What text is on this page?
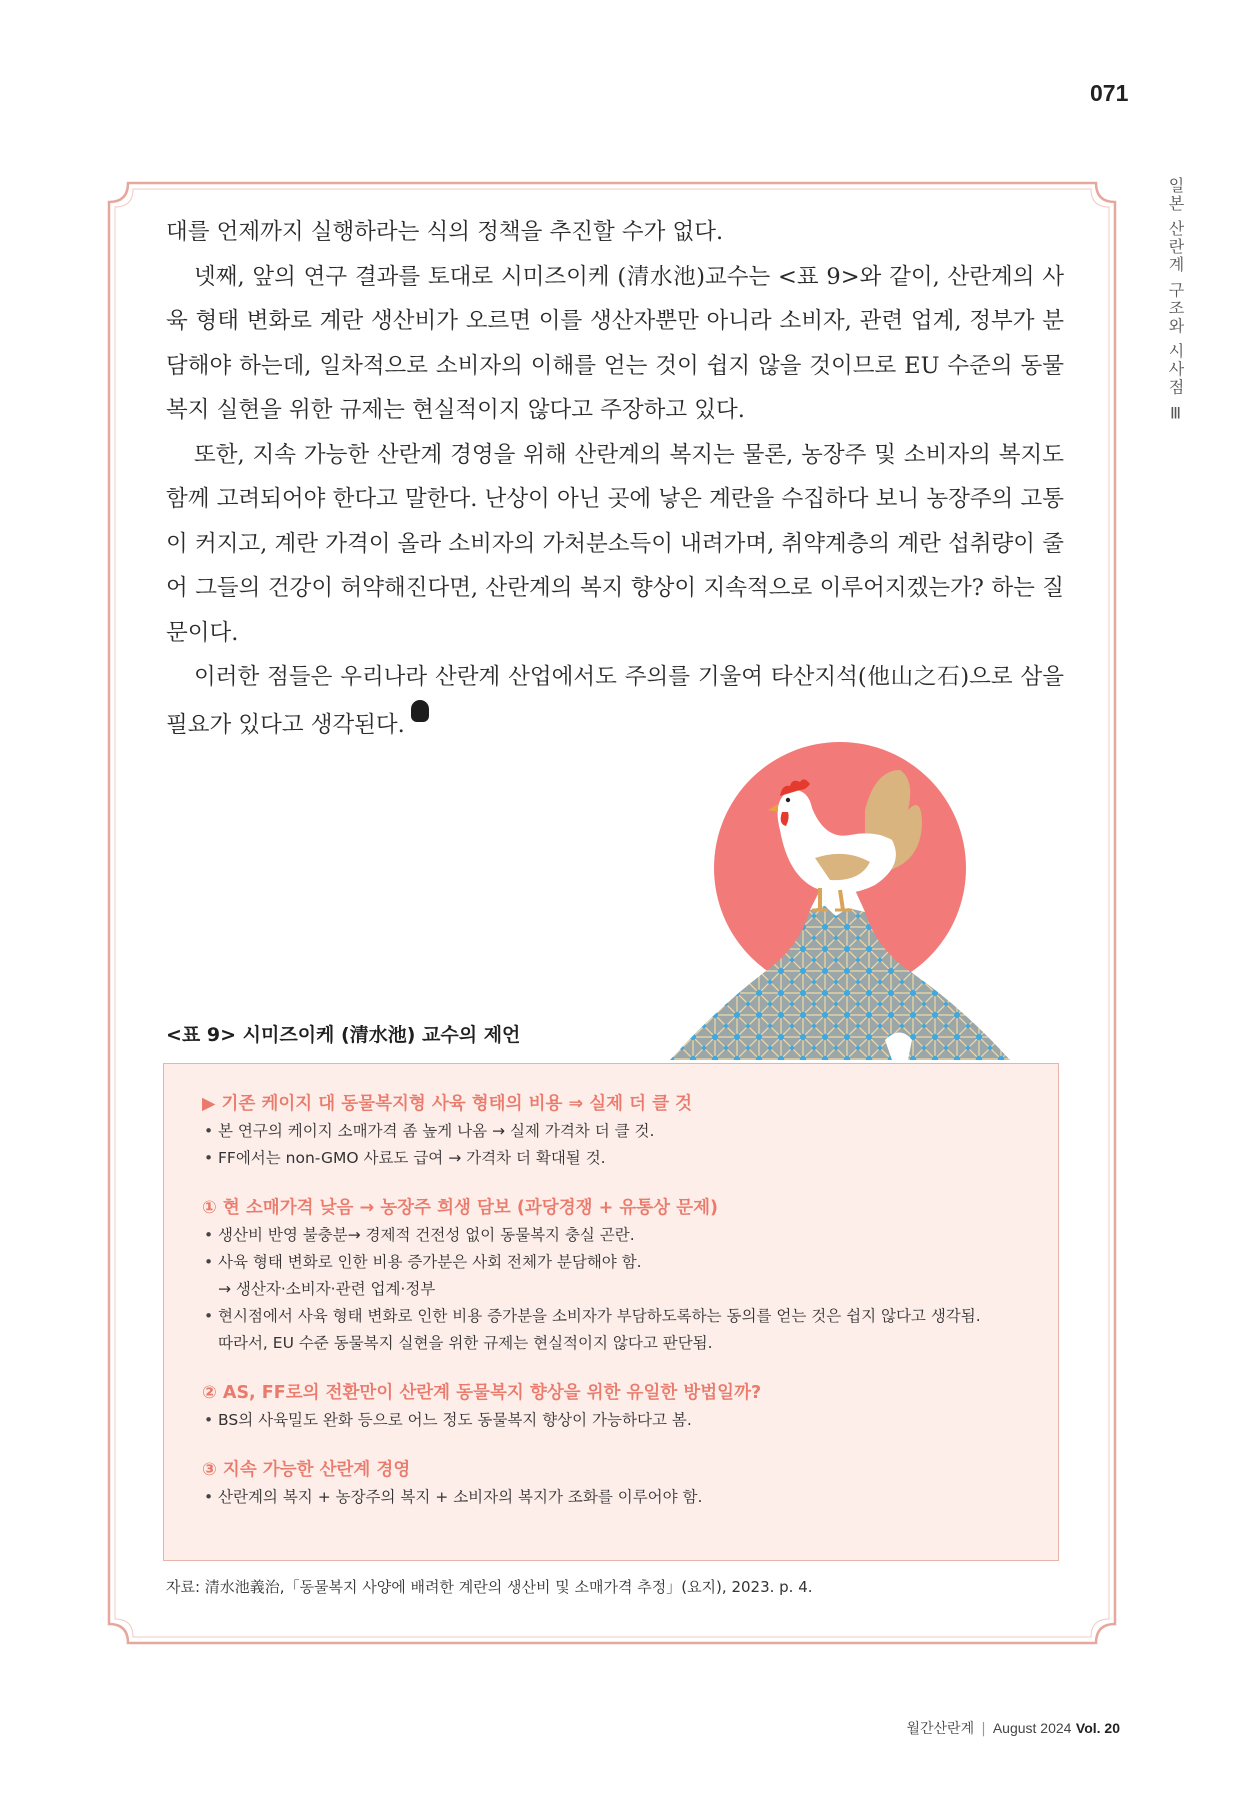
071
일본 산란계 구조와 시사점 Ⅲ

대를 언제까지 실행하라는 식의 정책을 추진할 수가 없다.

넷째, 앞의 연구 결과를 토대로 시미즈이케 (清水池)교수는 <표 9>와 같이, 산란계의 사육 형태 변화로 계란 생산비가 오르면 이를 생산자뿐만 아니라 소비자, 관련 업계, 정부가 분담해야 하는데, 일차적으로 소비자의 이해를 얻는 것이 쉽지 않을 것이므로 EU 수준의 동물복지 실현을 위한 규제는 현실적이지 않다고 주장하고 있다.

또한, 지속 가능한 산란계 경영을 위해 산란계의 복지는 물론, 농장주 및 소비자의 복지도 함께 고려되어야 한다고 말한다. 난상이 아닌 곳에 낳은 계란을 수집하다 보니 농장주의 고통이 커지고, 계란 가격이 올라 소비자의 가처분소득이 내려가며, 취약계층의 계란 섭취량이 줄어 그들의 건강이 허약해진다면, 산란계의 복지 향상이 지속적으로 이루어지겠는가? 하는 질문이다.

이러한 점들은 우리나라 산란계 산업에서도 주의를 기울여 타산지석(他山之石)으로 삼을 필요가 있다고 생각된다.양계

<표 9> 시미즈이케 (清水池) 교수의 제언
▶ 기존 케이지 대 동물복지형 사육 형태의 비용 ⇒ 실제 더 클 것
• 본 연구의 케이지 소매가격 좀 높게 나옴 → 실제 가격차 더 클 것.
• FF에서는 non-GMO 사료도 급여 → 가격차 더 확대될 것.
① 현 소매가격 낮음 → 농장주 희생 담보 (과당경쟁 + 유통상 문제)
• 생산비 반영 불충분→ 경제적 건전성 없이 동물복지 충실 곤란.
• 사육 형태 변화로 인한 비용 증가분은 사회 전체가 분담해야 함.
→ 생산자·소비자·관련 업계·정부
• 현시점에서 사육 형태 변화로 인한 비용 증가분을 소비자가 부담하도록하는 동의를 얻는 것은 쉽지 않다고 생각됨.
따라서, EU 수준 동물복지 실현을 위한 규제는 현실적이지 않다고 판단됨.
② AS, FF로의 전환만이 산란계 동물복지 향상을 위한 유일한 방법일까?
• BS의 사육밀도 완화 등으로 어느 정도 동물복지 향상이 가능하다고 봄.
③ 지속 가능한 산란계 경영
• 산란계의 복지 + 농장주의 복지 + 소비자의 복지가 조화를 이루어야 함.
자료: 清水池義治,「동물복지 사양에 배려한 계란의 생산비 및 소매가격 추정」(요지), 2023. p. 4.
월간산란계 | August 2024 Vol. 20
